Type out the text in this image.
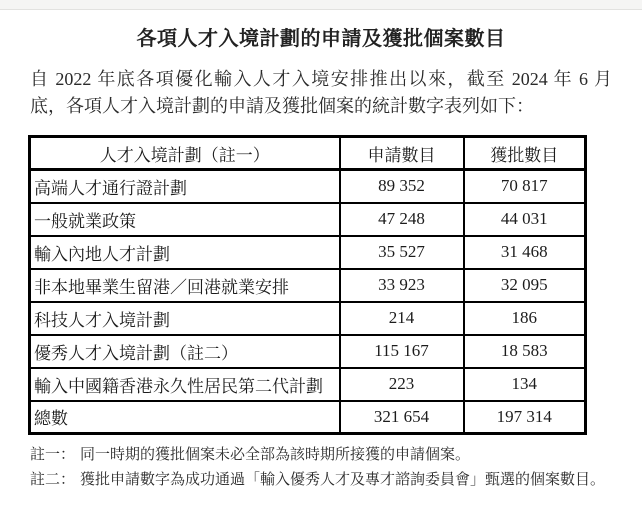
各項人才入境計劃的申請及獲批個案數目
自 2022 年底各項優化輸入人才入境安排推出以來，截至 2024 年 6 月
底，各項人才入境計劃的申請及獲批個案的統計數字表列如下：
人才入境計劃（註一）	申請數目	獲批數目
高端人才通行證計劃	89 352	70 817
一般就業政策	47 248	44 031
輸入內地人才計劃	35 527	31 468
非本地畢業生留港／回港就業安排	33 923	32 095
科技人才入境計劃	214	186
優秀人才入境計劃（註二）	115 167	18 583
輸入中國籍香港永久性居民第二代計劃	223	134
總數	321 654	197 314
註一： 同一時期的獲批個案未必全部為該時期所接獲的申請個案。
註二： 獲批申請數字為成功通過「輸入優秀人才及專才諮詢委員會」甄選的個案數目。
